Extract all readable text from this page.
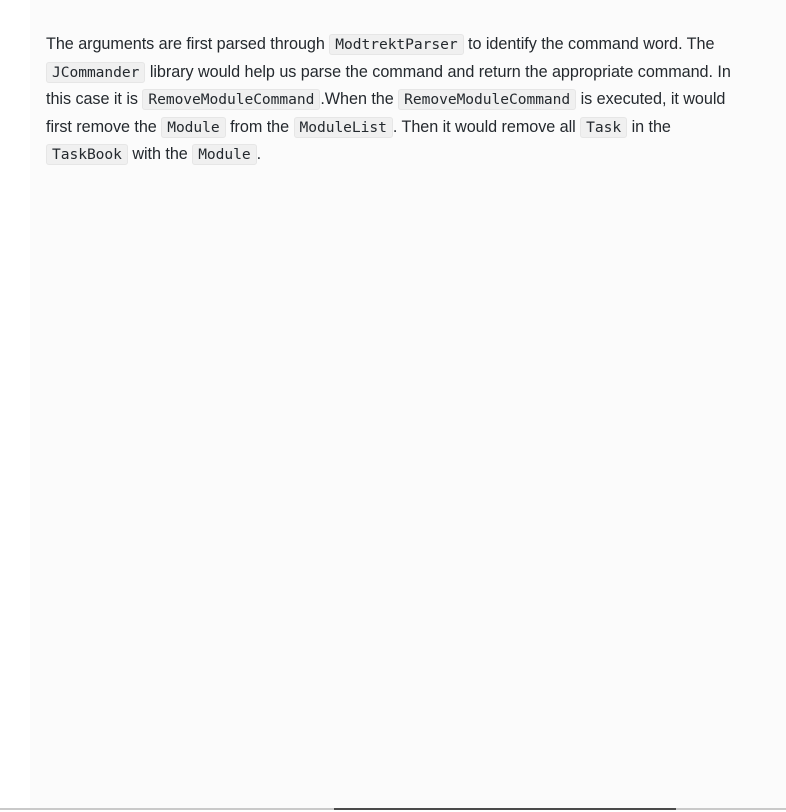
The arguments are first parsed through ModtrektParser to identify the command word. The JCommander library would help us parse the command and return the appropriate command. In this case it is RemoveModuleCommand .When the RemoveModuleCommand is executed, it would first remove the Module from the ModuleList . Then it would remove all Task in the TaskBook with the Module .
